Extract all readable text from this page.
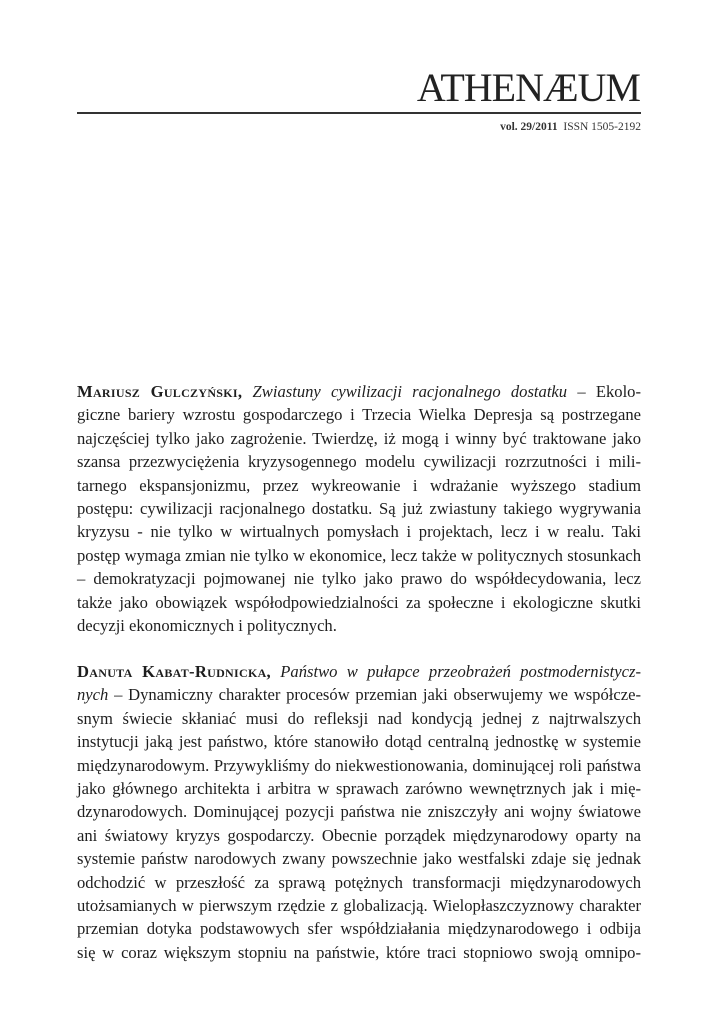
ATHENÆUM
vol. 29/2011 ISSN 1505-2192
Mariusz Gulczyński, Zwiastuny cywilizacji racjonalnego dostatku – Ekolo-
giczne bariery wzrostu gospodarczego i Trzecia Wielka Depresja są postrzegane
najczęściej tylko jako zagrożenie. Twierdzę, iż mogą i winny być traktowane jako
szansa przezwyciężenia kryzysogennego modelu cywilizacji rozrzutności i mili-
tarnego ekspansjonizmu, przez wykreowanie i wdrażanie wyższego stadium
postępu: cywilizacji racjonalnego dostatku. Są już zwiastuny takiego wygrywania
kryzysu - nie tylko w wirtualnych pomysłach i projektach, lecz i w realu. Taki
postęp wymaga zmian nie tylko w ekonomice, lecz także w politycznych stosunkach
– demokratyzacji pojmowanej nie tylko jako prawo do współdecydowania, lecz
także jako obowiązek współodpowiedzialności za społeczne i ekologiczne skutki
decyzji ekonomicznych i politycznych.
Danuta Kabat-Rudnicka, Państwo w pułapce przeobrażeń postmodernistycz-
nych – Dynamiczny charakter procesów przemian jaki obserwujemy we współcze-
snym świecie skłaniać musi do refleksji nad kondycją jednej z najtrwalszych
instytucji jaką jest państwo, które stanowiło dotąd centralną jednostkę w systemie
międzynarodowym. Przywykliśmy do niekwestionowania, dominującej roli państwa
jako głównego architekta i arbitra w sprawach zarówno wewnętrznych jak i mię-
dzynarodowych. Dominującej pozycji państwa nie zniszczyły ani wojny światowe
ani światowy kryzys gospodarczy. Obecnie porządek międzynarodowy oparty na
systemie państw narodowych zwany powszechnie jako westfalski zdaje się jednak
odchodzić w przeszłość za sprawą potężnych transformacji międzynarodowych
utożsamianych w pierwszym rzędzie z globalizacją. Wielopłaszczyznowy charakter
przemian dotyka podstawowych sfer współdziałania międzynarodowego i odbija
się w coraz większym stopniu na państwie, które traci stopniowo swoją omnipo-
